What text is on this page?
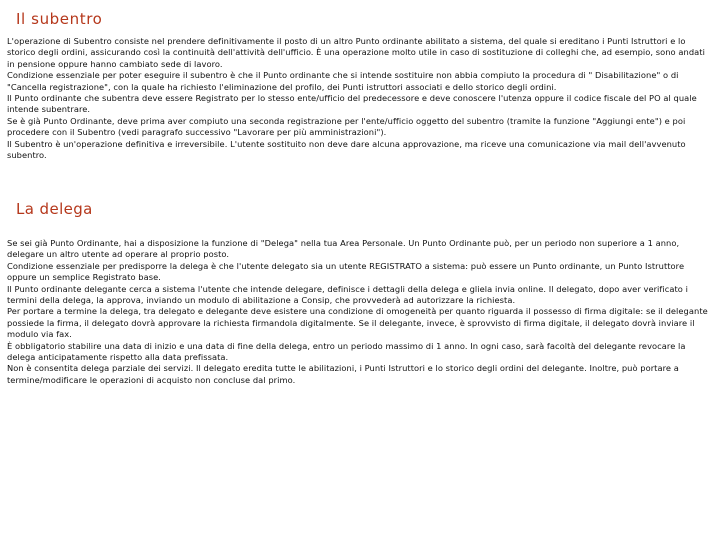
Il subentro

L'operazione di Subentro consiste nel prendere definitivamente il posto di un altro Punto ordinante abilitato a sistema, del quale si ereditano i Punti Istruttori e lo storico degli ordini, assicurando così la continuità dell'attività dell'ufficio. È una operazione molto utile in caso di sostituzione di colleghi che, ad esempio, sono andati in pensione oppure hanno cambiato sede di lavoro.

Condizione essenziale per poter eseguire il subentro è che il Punto ordinante che si intende sostituire non abbia compiuto la procedura di " Disabilitazione" o di "Cancella registrazione", con la quale ha richiesto l'eliminazione del profilo, dei Punti istruttori associati e dello storico degli ordini.

Il Punto ordinante che subentra deve essere Registrato per lo stesso ente/ufficio del predecessore e deve conoscere l'utenza oppure il codice fiscale del PO al quale intende subentrare.

Se è già Punto Ordinante, deve prima aver compiuto una seconda registrazione per l'ente/ufficio oggetto del subentro (tramite la funzione "Aggiungi ente") e poi procedere con il Subentro (vedi paragrafo successivo "Lavorare per più amministrazioni").

Il Subentro è un'operazione definitiva e irreversibile. L'utente sostituito non deve dare alcuna approvazione, ma riceve una comunicazione via mail dell'avvenuto subentro.

La delega

Se sei già Punto Ordinante, hai a disposizione la funzione di "Delega" nella tua Area Personale. Un Punto Ordinante può, per un periodo non superiore a 1 anno, delegare un altro utente ad operare al proprio posto.

Condizione essenziale per predisporre la delega è che l'utente delegato sia un utente REGISTRATO a sistema: può essere un Punto ordinante, un Punto Istruttore oppure un semplice Registrato base.

Il Punto ordinante delegante cerca a sistema l'utente che intende delegare, definisce i dettagli della delega e gliela invia online. Il delegato, dopo aver verificato i termini della delega, la approva, inviando un modulo di abilitazione a Consip, che provvederà ad autorizzare la richiesta.

Per portare a termine la delega, tra delegato e delegante deve esistere una condizione di omogeneità per quanto riguarda il possesso di firma digitale: se il delegante possiede la firma, il delegato dovrà approvare la richiesta firmandola digitalmente. Se il delegante, invece, è sprovvisto di firma digitale, il delegato dovrà inviare il modulo via fax.

È obbligatorio stabilire una data di inizio e una data di fine della delega, entro un periodo massimo di 1 anno. In ogni caso, sarà facoltà del delegante revocare la delega anticipatamente rispetto alla data prefissata.

Non è consentita delega parziale dei servizi. Il delegato eredita tutte le abilitazioni, i Punti Istruttori e lo storico degli ordini del delegante. Inoltre, può portare a termine/modificare le operazioni di acquisto non concluse dal primo.
